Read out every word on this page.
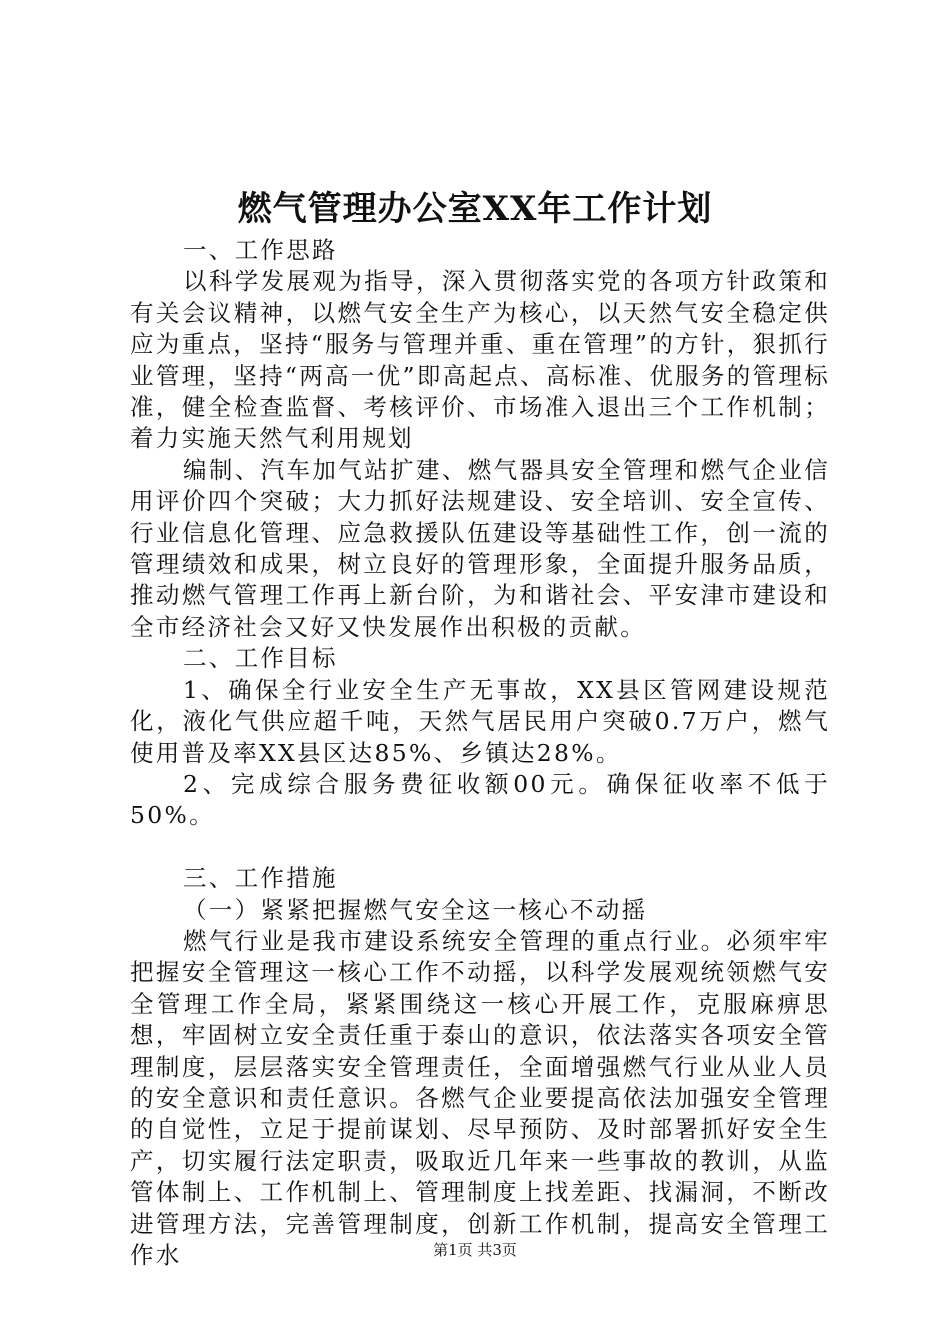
燃气管理办公室XX年工作计划

一、工作思路

以科学发展观为指导，深入贯彻落实党的各项方针政策和有关会议精神，以燃气安全生产为核心，以天然气安全稳定供应为重点，坚持“服务与管理并重、重在管理”的方针，狠抓行业管理，坚持“两高一优”即高起点、高标准、优服务的管理标准，健全检查监督、考核评价、市场准入退出三个工作机制；着力实施天然气利用规划

编制、汽车加气站扩建、燃气器具安全管理和燃气企业信用评价四个突破；大力抓好法规建设、安全培训、安全宣传、行业信息化管理、应急救援队伍建设等基础性工作，创一流的管理绩效和成果，树立良好的管理形象，全面提升服务品质，推动燃气管理工作再上新台阶，为和谐社会、平安津市建设和全市经济社会又好又快发展作出积极的贡献。

二、工作目标

1、确保全行业安全生产无事故，XX县区管网建设规范化，液化气供应超千吨，天然气居民用户突破0.7万户，燃气使用普及率XX县区达85%、乡镇达28%。

2、完成综合服务费征收额00元。确保征收率不低于50%。

三、工作措施

（一）紧紧把握燃气安全这一核心不动摇

燃气行业是我市建设系统安全管理的重点行业。必须牢牢把握安全管理这一核心工作不动摇，以科学发展观统领燃气安全管理工作全局，紧紧围绕这一核心开展工作，克服麻痹思想，牢固树立安全责任重于泰山的意识，依法落实各项安全管理制度，层层落实安全管理责任，全面增强燃气行业从业人员的安全意识和责任意识。各燃气企业要提高依法加强安全管理的自觉性，立足于提前谋划、尽早预防、及时部署抓好安全生产，切实履行法定职责，吸取近几年来一些事故的教训，从监管体制上、工作机制上、管理制度上找差距、找漏洞，不断改进管理方法，完善管理制度，创新工作机制，提高安全管理工作水	第1页 共3页
